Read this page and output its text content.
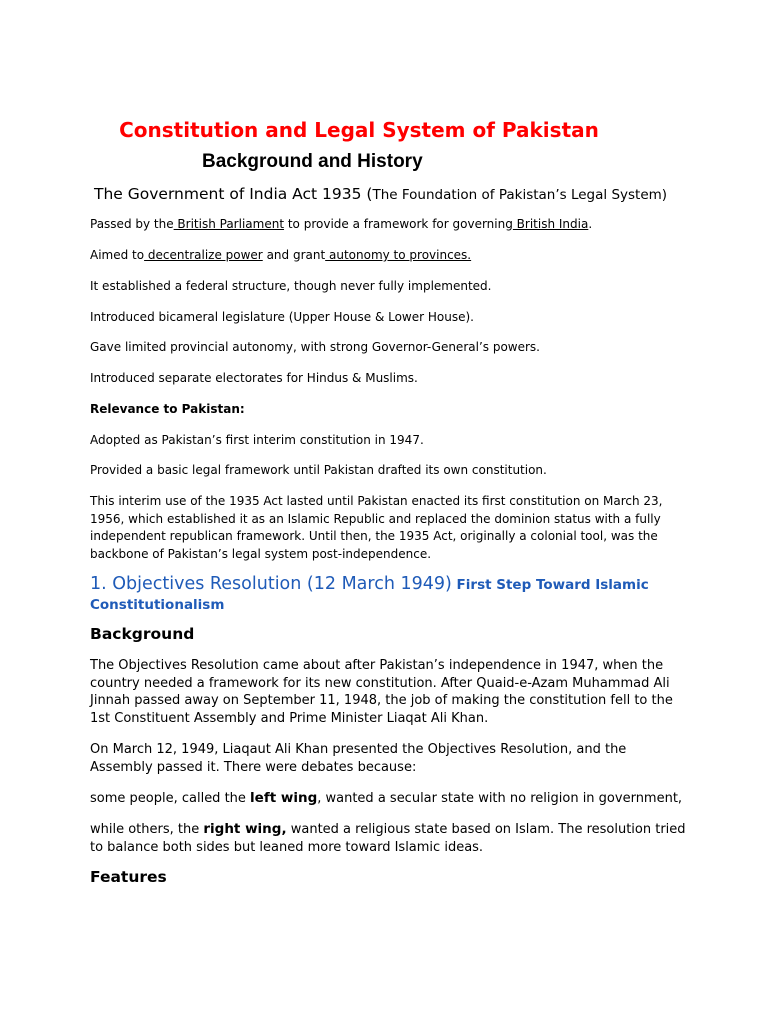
Constitution and Legal System of Pakistan
Background and History
The Government of India Act 1935 (The Foundation of Pakistan’s Legal System)
Passed by the British Parliament to provide a framework for governing British India.
Aimed to decentralize power and grant autonomy to provinces.
It established a federal structure, though never fully implemented.
Introduced bicameral legislature (Upper House & Lower House).
Gave limited provincial autonomy, with strong Governor-General’s powers.
Introduced separate electorates for Hindus & Muslims.
Relevance to Pakistan:
Adopted as Pakistan’s first interim constitution in 1947.
Provided a basic legal framework until Pakistan drafted its own constitution.
This interim use of the 1935 Act lasted until Pakistan enacted its first constitution on March 23, 1956, which established it as an Islamic Republic and replaced the dominion status with a fully independent republican framework. Until then, the 1935 Act, originally a colonial tool, was the backbone of Pakistan’s legal system post-independence.
1. Objectives Resolution (12 March 1949) First Step Toward Islamic
Constitutionalism
Background
The Objectives Resolution came about after Pakistan’s independence in 1947, when the country needed a framework for its new constitution. After Quaid-e-Azam Muhammad Ali Jinnah passed away on September 11, 1948, the job of making the constitution fell to the 1st Constituent Assembly and Prime Minister Liaqat Ali Khan.
On March 12, 1949, Liaqaut Ali Khan presented the Objectives Resolution, and the Assembly passed it. There were debates because:
some people, called the left wing, wanted a secular state with no religion in government,
while others, the right wing, wanted a religious state based on Islam. The resolution tried to balance both sides but leaned more toward Islamic ideas.
Features
